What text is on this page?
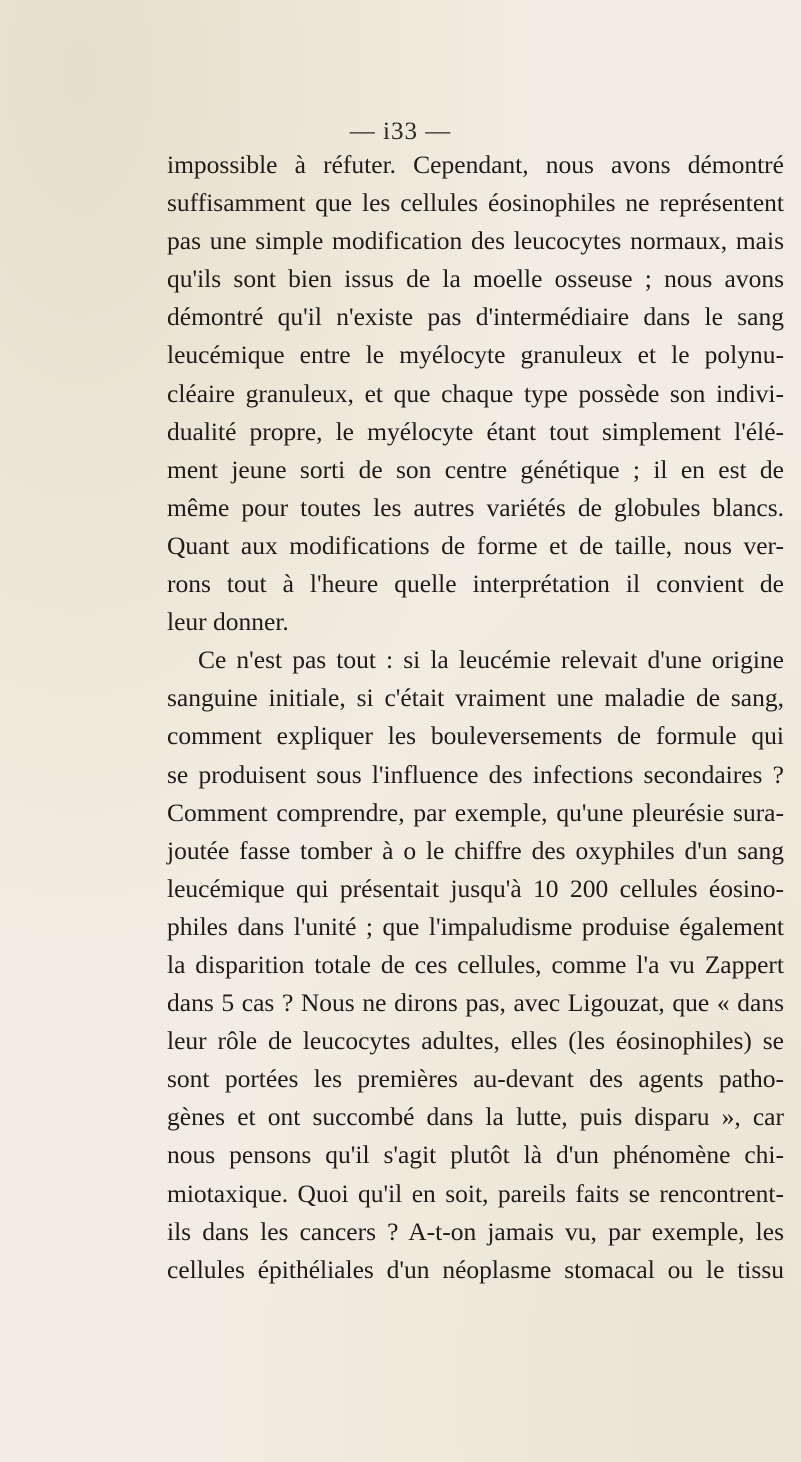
— i33 —
impossible à réfuter. Cependant, nous avons démontré
suffisamment que les cellules éosinophiles ne représentent
pas une simple modification des leucocytes normaux, mais
qu'ils sont bien issus de la moelle osseuse ; nous avons
démontré qu'il n'existe pas d'intermédiaire dans le sang
leucémique entre le myélocyte granuleux et le polynu-
cléaire granuleux, et que chaque type possède son indivi-
dualité propre, le myélocyte étant tout simplement l'élé-
ment jeune sorti de son centre génétique ; il en est de
même pour toutes les autres variétés de globules blancs.
Quant aux modifications de forme et de taille, nous ver-
rons tout à l'heure quelle interprétation il convient de
leur donner.
Ce n'est pas tout : si la leucémie relevait d'une origine
sanguine initiale, si c'était vraiment une maladie de sang,
comment expliquer les bouleversements de formule qui
se produisent sous l'influence des infections secondaires ?
Comment comprendre, par exemple, qu'une pleurésie sura-
joutée fasse tomber à o le chiffre des oxyphiles d'un sang
leucémique qui présentait jusqu'à 10 200 cellules éosino-
philes dans l'unité ; que l'impaludisme produise également
la disparition totale de ces cellules, comme l'a vu Zappert
dans 5 cas ? Nous ne dirons pas, avec Ligouzat, que « dans
leur rôle de leucocytes adultes, elles (les éosinophiles) se
sont portées les premières au-devant des agents patho-
gènes et ont succombé dans la lutte, puis disparu », car
nous pensons qu'il s'agit plutôt là d'un phénomène chi-
miotaxique. Quoi qu'il en soit, pareils faits se rencontrent-
ils dans les cancers ? A-t-on jamais vu, par exemple, les
cellules épithéliales d'un néoplasme stomacal ou le tissu
